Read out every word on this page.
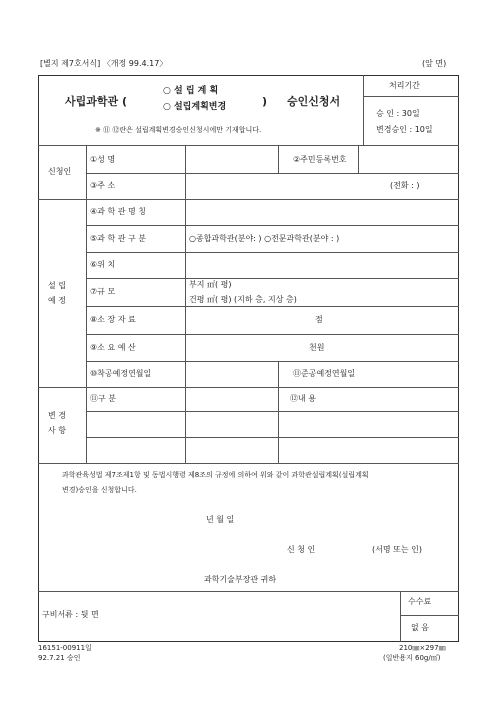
[별지 제7호서식] 〈개정 99.4.17〉	(앞 면)
사립과학관 (
○ 설 립 계 획
○ 설립계획변경	) 승인신청서
※ ⑪ ⑫란은 설립계획변경승인신청시에만 기재합니다.
처리기간
승 인 : 30일
변경승인 : 10일
신청인
①성 명	②주민등록번호
③주 소	(전화 : )
설 립
예 정
④과 학 관 명 칭
⑤과 학 관 구 분	○종합과학관(분야: ) ○전문과학관(분야 : )
⑥위 치
⑦규 모
부지 ㎡( 평)
건평 ㎡( 평) (지하 층, 지상 층)
⑧소 장 자 료	점
⑨소 요 예 산	천원
⑩착공예정연월일	⑪준공예정연월일
변 경
사 항
⑪구 분	⑫내 용
과학관육성법 제7조제1항 및 동법시행령 제8조의 규정에 의하여 위와 같이 과학관설립계획(설립계획
변경)승인을 신청합니다.
년 월 일
신 청 인	(서명 또는 인)
과학기술부장관 귀하
구비서류 : 뒷 면
수수료
없 음
16151-00911일
92.7.21 승인
210㎜×297㎜
(일반용지 60g/㎡)
